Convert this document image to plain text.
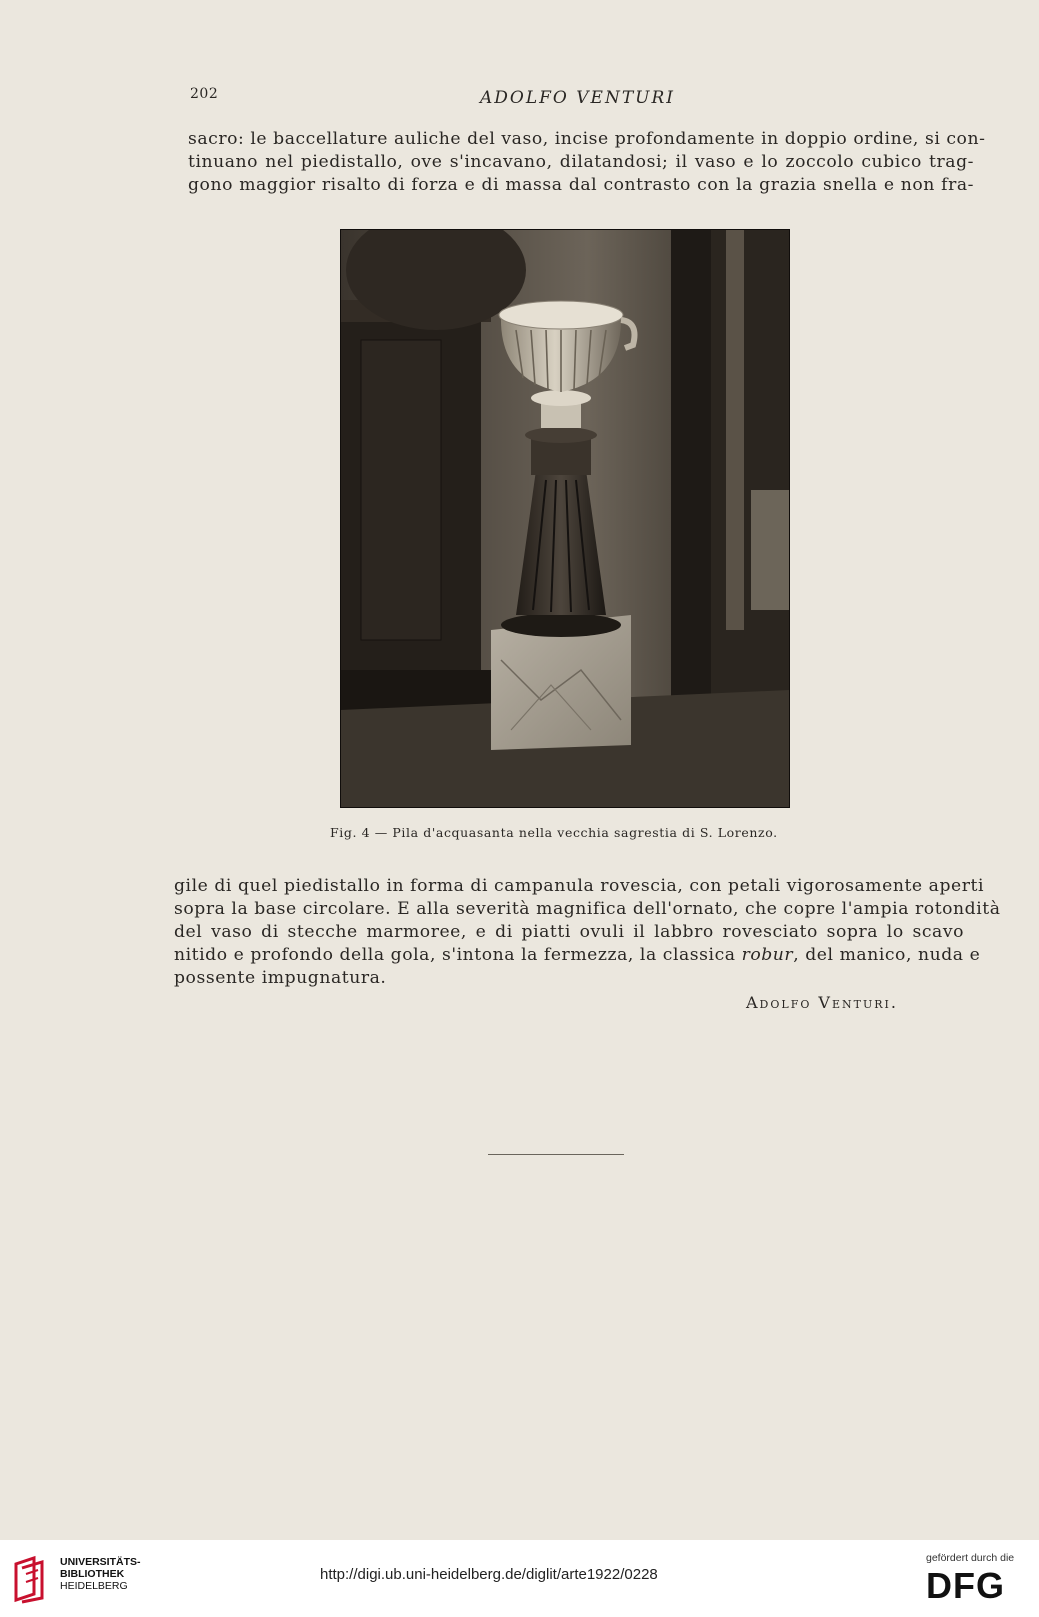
202	ADOLFO VENTURI
sacro: le baccellature auliche del vaso, incise profondamente in doppio ordine, si con-
tinuano nel piedistallo, ove s'incavano, dilatandosi; il vaso e lo zoccolo cubico trag-
gono maggior risalto di forza e di massa dal contrasto con la grazia snella e non fra-
Fig. 4 — Pila d'acquasanta nella vecchia sagrestia di S. Lorenzo.
gile di quel piedistallo in forma di campanula rovescia, con petali vigorosamente aperti
sopra la base circolare. E alla severità magnifica dell'ornato, che copre l'ampia rotondità
del vaso di stecche marmoree, e di piatti ovuli il labbro rovesciato sopra lo scavo
nitido e profondo della gola, s'intona la fermezza, la classica robur, del manico, nuda e
possente impugnatura.
Adolfo Venturi.
UNIVERSITÄTS-
BIBLIOTHEK
HEIDELBERG
http://digi.ub.uni-heidelberg.de/diglit/arte1922/0228
gefördert durch die
DFG
